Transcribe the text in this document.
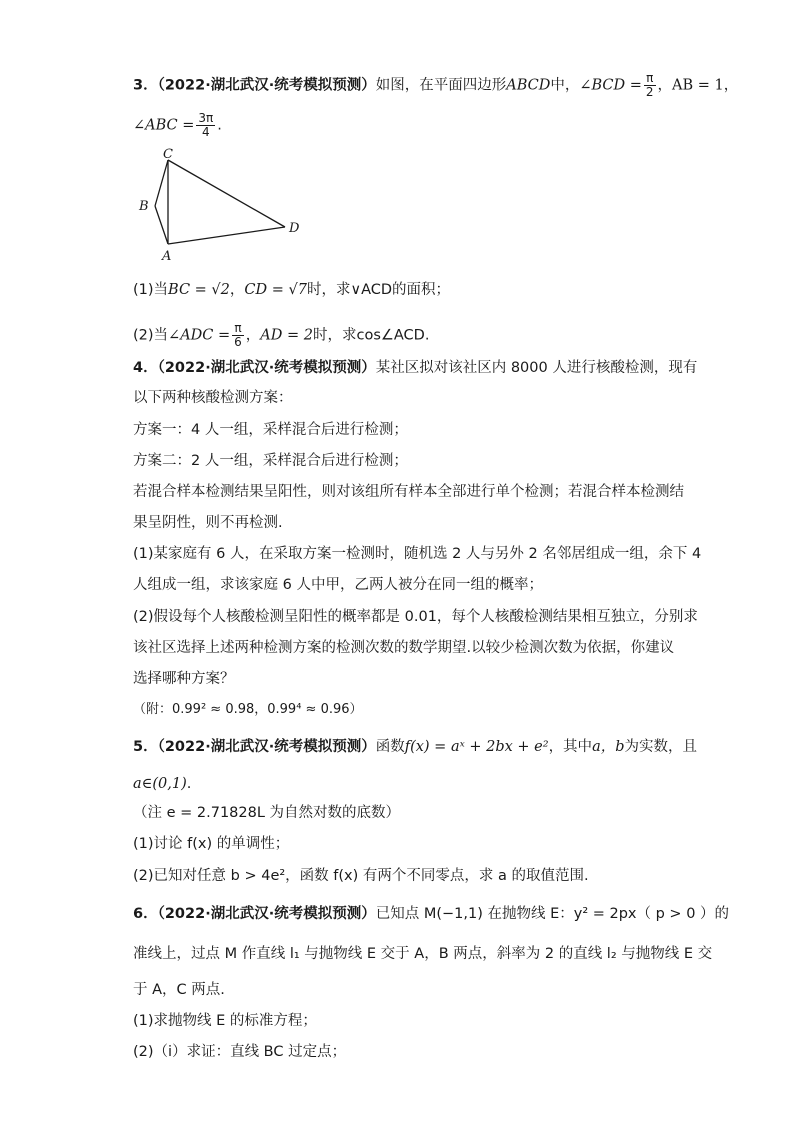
3．（2022·湖北武汉·统考模拟预测）如图，在平面四边形ABCD中，∠BCD = $\frac{\pi}{2}$ ，AB = 1，
∠ABC = $\frac{3\pi}{4}$ .
C
B
A
D
(1)当BC = √2，CD = √7时，求∨ACD的面积；
(2)当∠ADC = $\frac{\pi}{6}$ ，AD = 2时，求cos∠ACD.
4．（2022·湖北武汉·统考模拟预测）某社区拟对该社区内 8000 人进行核酸检测，现有
以下两种核酸检测方案：
方案一：4 人一组，采样混合后进行检测；
方案二：2 人一组，采样混合后进行检测；
若混合样本检测结果呈阳性，则对该组所有样本全部进行单个检测；若混合样本检测结
果呈阴性，则不再检测.
(1)某家庭有 6 人，在采取方案一检测时，随机选 2 人与另外 2 名邻居组成一组，余下 4
人组成一组，求该家庭 6 人中甲，乙两人被分在同一组的概率；
(2)假设每个人核酸检测呈阳性的概率都是 0.01，每个人核酸检测结果相互独立，分别求
该社区选择上述两种检测方案的检测次数的数学期望.以较少检测次数为依据，你建议
选择哪种方案？
（附：0.99² ≈ 0.98，0.99⁴ ≈ 0.96）
5．（2022·湖北武汉·统考模拟预测）函数f(x) = aˣ + 2bx + e²，其中a，b为实数，且
a∈(0,1).
（注 e = 2.71828L 为自然对数的底数）
(1)讨论 f(x) 的单调性；
(2)已知对任意 b > 4e²，函数 f(x) 有两个不同零点，求 a 的取值范围.
6．（2022·湖北武汉·统考模拟预测）已知点 M(−1,1) 在抛物线 E：y² = 2px（ p > 0 ）的
准线上，过点 M 作直线 l₁ 与抛物线 E 交于 A，B 两点，斜率为 2 的直线 l₂ 与抛物线 E 交
于 A，C 两点.
(1)求抛物线 E 的标准方程；
(2)（ⅰ）求证：直线 BC 过定点；
